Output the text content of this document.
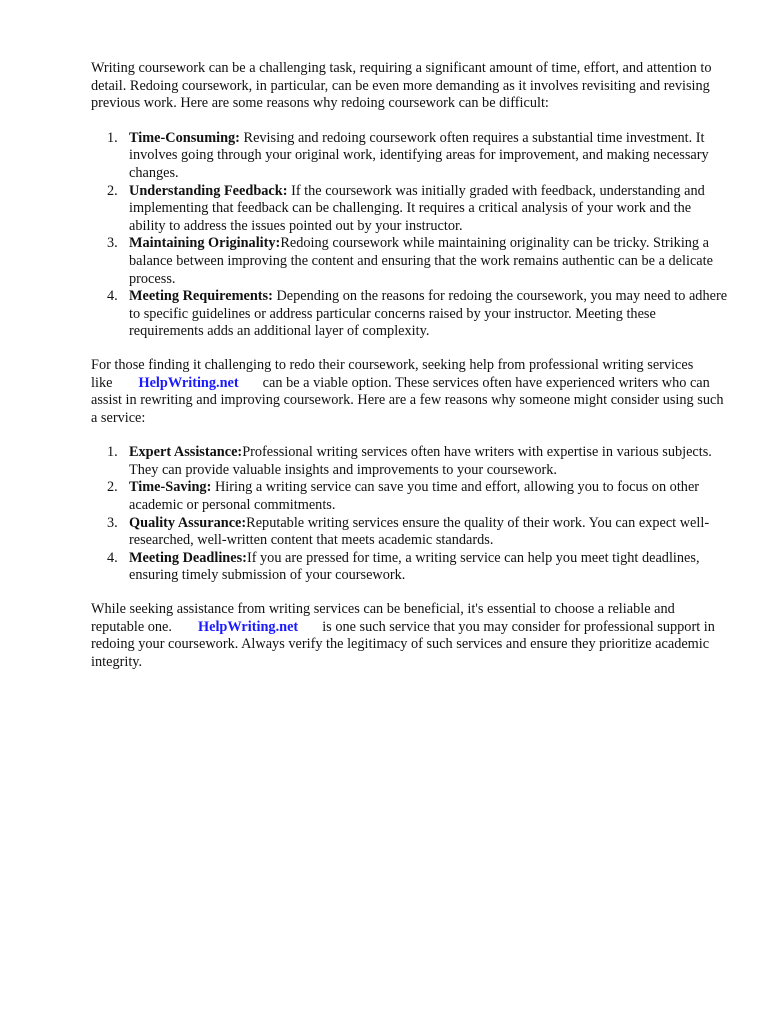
Writing coursework can be a challenging task, requiring a significant amount of time, effort, and attention to detail. Redoing coursework, in particular, can be even more demanding as it involves revisiting and revising previous work. Here are some reasons why redoing coursework can be difficult:

1. Time-Consuming: Revising and redoing coursework often requires a substantial time investment. It involves going through your original work, identifying areas for improvement, and making necessary changes.
2. Understanding Feedback: If the coursework was initially graded with feedback, understanding and implementing that feedback can be challenging. It requires a critical analysis of your work and the ability to address the issues pointed out by your instructor.
3. Maintaining Originality:Redoing coursework while maintaining originality can be tricky. Striking a balance between improving the content and ensuring that the work remains authentic can be a delicate process.
4. Meeting Requirements: Depending on the reasons for redoing the coursework, you may need to adhere to specific guidelines or address particular concerns raised by your instructor. Meeting these requirements adds an additional layer of complexity.

For those finding it challenging to redo their coursework, seeking help from professional writing services like HelpWriting.net can be a viable option. These services often have experienced writers who can assist in rewriting and improving coursework. Here are a few reasons why someone might consider using such a service:

1. Expert Assistance:Professional writing services often have writers with expertise in various subjects. They can provide valuable insights and improvements to your coursework.
2. Time-Saving: Hiring a writing service can save you time and effort, allowing you to focus on other academic or personal commitments.
3. Quality Assurance:Reputable writing services ensure the quality of their work. You can expect well-researched, well-written content that meets academic standards.
4. Meeting Deadlines:If you are pressed for time, a writing service can help you meet tight deadlines, ensuring timely submission of your coursework.

While seeking assistance from writing services can be beneficial, it's essential to choose a reliable and reputable one. HelpWriting.net is one such service that you may consider for professional support in redoing your coursework. Always verify the legitimacy of such services and ensure they prioritize academic integrity.
